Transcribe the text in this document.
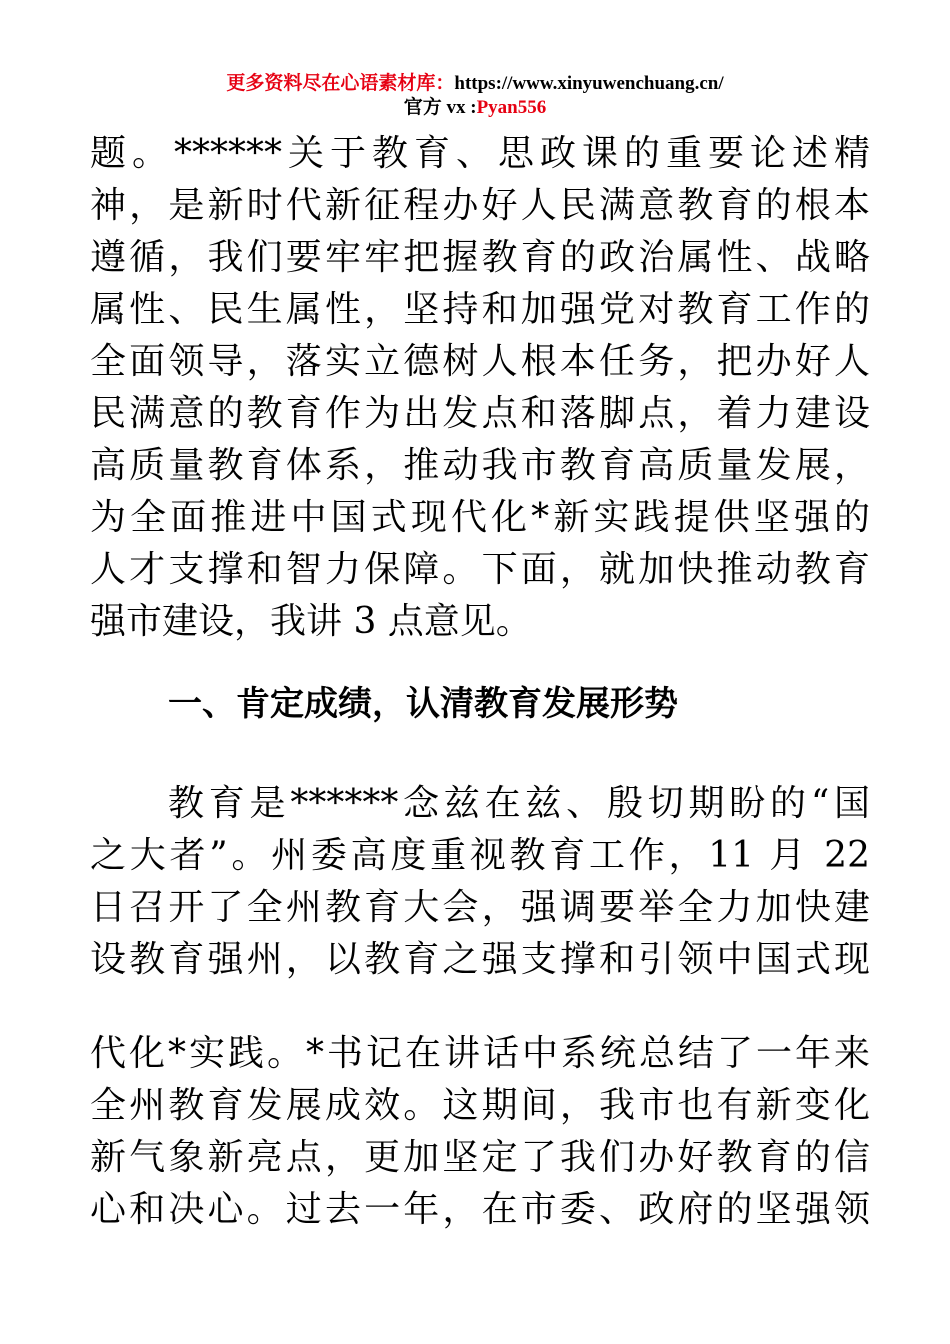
更多资料尽在心语素材库：https://www.xinyuwenchuang.cn/
官方 vx :Pyan556
题。******关于教育、思政课的重要论述精
神，是新时代新征程办好人民满意教育的根本
遵循，我们要牢牢把握教育的政治属性、战略
属性、民生属性，坚持和加强党对教育工作的
全面领导，落实立德树人根本任务，把办好人
民满意的教育作为出发点和落脚点，着力建设
高质量教育体系，推动我市教育高质量发展，
为全面推进中国式现代化*新实践提供坚强的
人才支撑和智力保障。下面，就加快推动教育
强市建设，我讲 3 点意见。
一、肯定成绩，认清教育发展形势
教育是******念兹在兹、殷切期盼的“国
之大者”。州委高度重视教育工作，11 月 22
日召开了全州教育大会，强调要举全力加快建
设教育强州，以教育之强支撑和引领中国式现
代化*实践。*书记在讲话中系统总结了一年来
全州教育发展成效。这期间，我市也有新变化
新气象新亮点，更加坚定了我们办好教育的信
心和决心。过去一年，在市委、政府的坚强领
